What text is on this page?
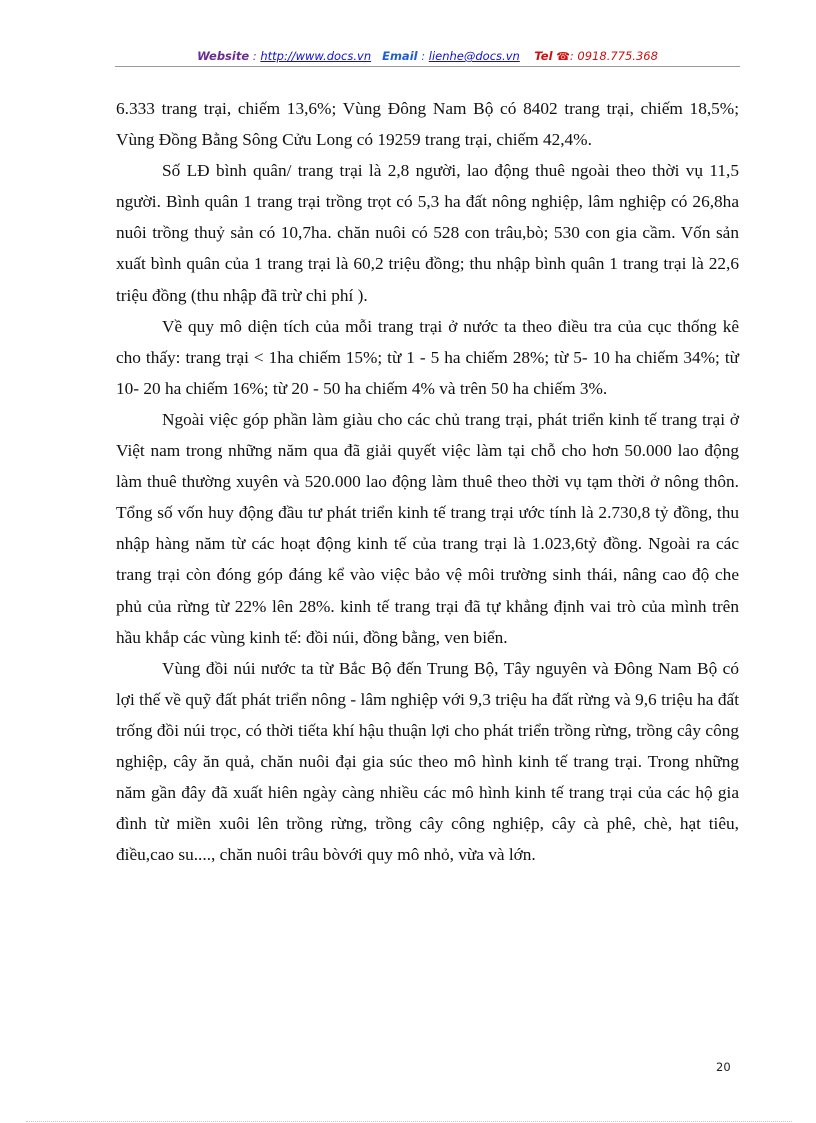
Website : http://www.docs.vn Email : lienhe@docs.vn Tel ☎: 0918.775.368

6.333 trang trại, chiếm 13,6%; Vùng Đông Nam Bộ có 8402 trang trại, chiếm 18,5%; Vùng Đồng Bằng Sông Cửu Long có 19259 trang trại, chiếm 42,4%.

Số LĐ bình quân/ trang trại là 2,8 người, lao động thuê ngoài theo thời vụ 11,5 người. Bình quân 1 trang trại trồng trọt có 5,3 ha đất nông nghiệp, lâm nghiệp có 26,8ha nuôi trồng thuỷ sản có 10,7ha. chăn nuôi có 528 con trâu,bò; 530 con gia cầm. Vốn sản xuất bình quân của 1 trang trại là 60,2 triệu đồng; thu nhập bình quân 1 trang trại là 22,6 triệu đồng (thu nhập đã trừ chi phí ).

Về quy mô diện tích của mỗi trang trại ở nước ta theo điều tra của cục thống kê cho thấy: trang trại < 1ha chiếm 15%; từ 1 - 5 ha chiếm 28%; từ 5- 10 ha chiếm 34%; từ 10- 20 ha chiếm 16%; từ 20 - 50 ha chiếm 4% và trên 50 ha chiếm 3%.

Ngoài việc góp phần làm giàu cho các chủ trang trại, phát triển kinh tế trang trại ở Việt nam trong những năm qua đã giải quyết việc làm tại chỗ cho hơn 50.000 lao động làm thuê thường xuyên và 520.000 lao động làm thuê theo thời vụ tạm thời ở nông thôn. Tổng số vốn huy động đầu tư phát triển kinh tế trang trại ước tính là 2.730,8 tỷ đồng, thu nhập hàng năm từ các hoạt động kinh tế của trang trại là 1.023,6tỷ đồng. Ngoài ra các trang trại còn đóng góp đáng kể vào việc bảo vệ môi trường sinh thái, nâng cao độ che phủ của rừng từ 22% lên 28%. kinh tế trang trại đã tự khẳng định vai trò của mình trên hầu khắp các vùng kinh tế: đồi núi, đồng bằng, ven biển.

Vùng đồi núi nước ta từ Bắc Bộ đến Trung Bộ, Tây nguyên và Đông Nam Bộ có lợi thế về quỹ đất phát triển nông - lâm nghiệp với 9,3 triệu ha đất rừng và 9,6 triệu ha đất trống đồi núi trọc, có thời tiếta khí hậu thuận lợi cho phát triển trồng rừng, trồng cây công nghiệp, cây ăn quả, chăn nuôi đại gia súc theo mô hình kinh tế trang trại. Trong những năm gần đây đã xuất hiên ngày càng nhiều các mô hình kinh tế trang trại của các hộ gia đình từ miền xuôi lên trồng rừng, trồng cây công nghiệp, cây cà phê, chè, hạt tiêu, điều,cao su...., chăn nuôi trâu bòvới quy mô nhỏ, vừa và lớn.

20
